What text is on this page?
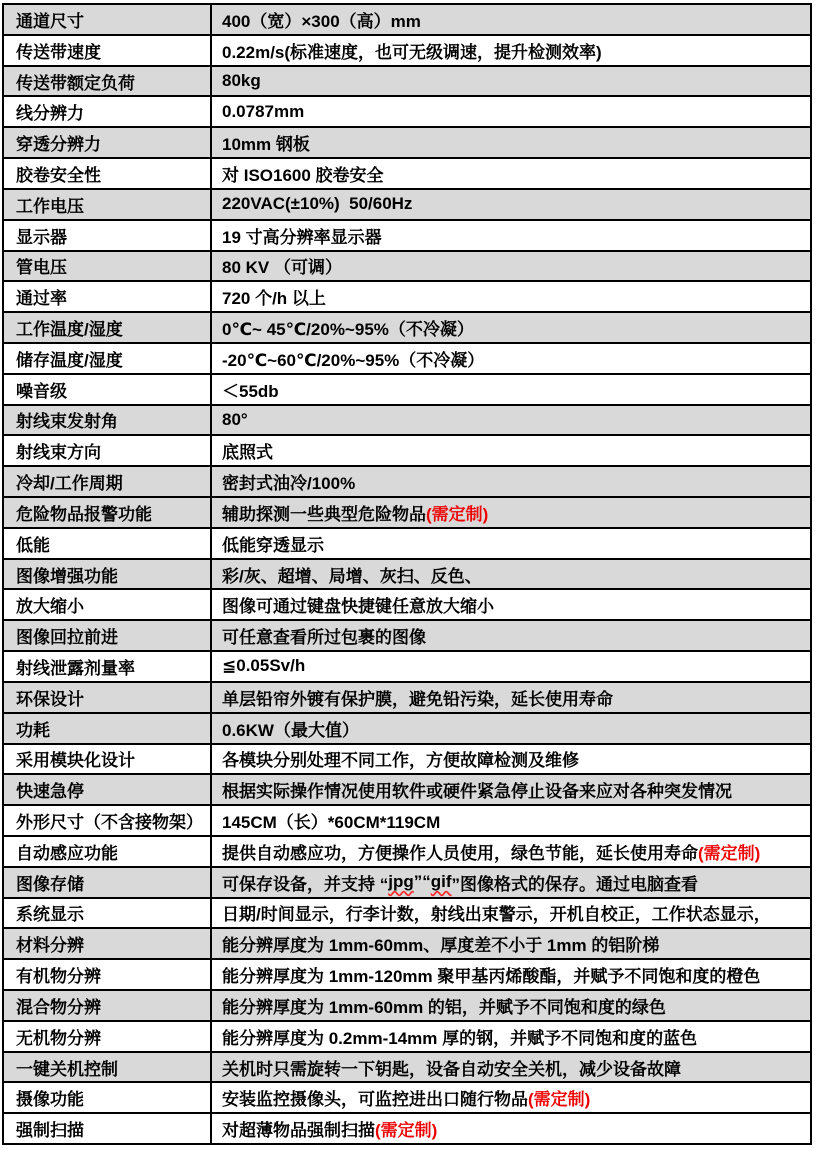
通道尺寸	400（宽）×300（高）mm
传送带速度	0.22m/s(标准速度，也可无级调速，提升检测效率)
传送带额定负荷	80kg
线分辨力	0.0787mm
穿透分辨力	10mm 钢板
胶卷安全性	对 ISO1600 胶卷安全
工作电压	220VAC(±10%)  50/60Hz
显示器	19 寸高分辨率显示器
管电压	80 KV （可调）
通过率	720 个/h 以上
工作温度/湿度	0℃~ 45℃/20%~95%（不冷凝）
储存温度/湿度	-20℃~60℃/20%~95%（不冷凝）
噪音级	＜55db
射线束发射角	80°
射线束方向	底照式
冷却/工作周期	密封式油冷/100%
危险物品报警功能	辅助探测一些典型危险物品 (需定制)
低能	低能穿透显示
图像增强功能	彩/灰、超增、局增、灰扫、反色、
放大缩小	图像可通过键盘快捷键任意放大缩小
图像回拉前进	可任意查看所过包裹的图像
射线泄露剂量率	≦0.05Sv/h
环保设计	单层铅帘外镀有保护膜，避免铅污染，延长使用寿命
功耗	0.6KW（最大值）
采用模块化设计	各模块分别处理不同工作，方便故障检测及维修
快速急停	根据实际操作情况使用软件或硬件紧急停止设备来应对各种突发情况
外形尺寸（不含接物架） 145CM（长）*60CM*119CM
自动感应功能	提供自动感应功，方便操作人员使用，绿色节能，延长使用寿命 (需定制)
图像存储	可保存设备，并支持 “ jpg ”“ gif ”图像格式的保存。通过电脑查看
系统显示	日期/时间显示，行李计数，射线出束警示，开机自校正，工作状态显示，
材料分辨	能分辨厚度为 1mm-60mm、厚度差不小于 1mm 的铝阶梯
有机物分辨	能分辨厚度为 1mm-120mm 聚甲基丙烯酸酯，并赋予不同饱和度的橙色
混合物分辨	能分辨厚度为 1mm-60mm 的铝，并赋予不同饱和度的绿色
无机物分辨	能分辨厚度为 0.2mm-14mm 厚的钢，并赋予不同饱和度的蓝色
一键关机控制	关机时只需旋转一下钥匙，设备自动安全关机，减少设备故障
摄像功能	安装监控摄像头，可监控进出口随行物品 (需定制)
强制扫描	对超薄物品强制扫描 (需定制)
